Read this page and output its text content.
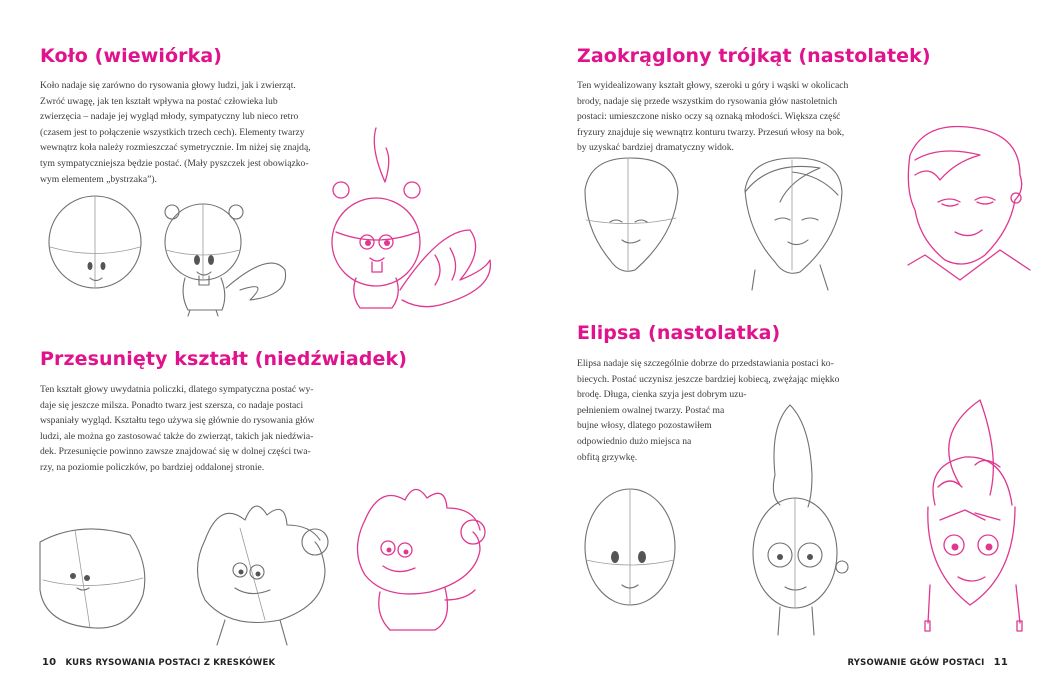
Koło (wiewiórka)
Koło nadaje się zarówno do rysowania głowy ludzi, jak i zwierząt.
Zwróć uwagę, jak ten kształt wpływa na postać człowieka lub
zwierzęcia – nadaje jej wygląd młody, sympatyczny lub nieco retro
(czasem jest to połączenie wszystkich trzech cech). Elementy twarzy
wewnątrz koła należy rozmieszczać symetrycznie. Im niżej się znajdą,
tym sympatyczniejsza będzie postać. (Mały pyszczek jest obowiązko-
wym elementem „bystrzaka”).
Przesunięty kształt (niedźwiadek)
Ten kształt głowy uwydatnia policzki, dlatego sympatyczna postać wy-
daje się jeszcze milsza. Ponadto twarz jest szersza, co nadaje postaci
wspaniały wygląd. Kształtu tego używa się głównie do rysowania głów
ludzi, ale można go zastosować także do zwierząt, takich jak niedźwia-
dek. Przesunięcie powinno zawsze znajdować się w dolnej części twa-
rzy, na poziomie policzków, po bardziej oddalonej stronie.
10 KURS RYSOWANIA POSTACI Z KRESKÓWEK
Zaokrąglony trójkąt (nastolatek)
Ten wyidealizowany kształt głowy, szeroki u góry i wąski w okolicach
brody, nadaje się przede wszystkim do rysowania głów nastoletnich
postaci: umieszczone nisko oczy są oznaką młodości. Większa część
fryzury znajduje się wewnątrz konturu twarzy. Przesuń włosy na bok,
by uzyskać bardziej dramatyczny widok.
Elipsa (nastolatka)
Elipsa nadaje się szczególnie dobrze do przedstawiania postaci ko-
biecych. Postać uczynisz jeszcze bardziej kobiecą, zwężając miękko
brodę. Długa, cienka szyja jest dobrym uzu-
pełnieniem owalnej twarzy. Postać ma
bujne włosy, dlatego pozostawiłem
odpowiednio dużo miejsca na
obfitą grzywkę.
RYSOWANIE GŁÓW POSTACI 11
